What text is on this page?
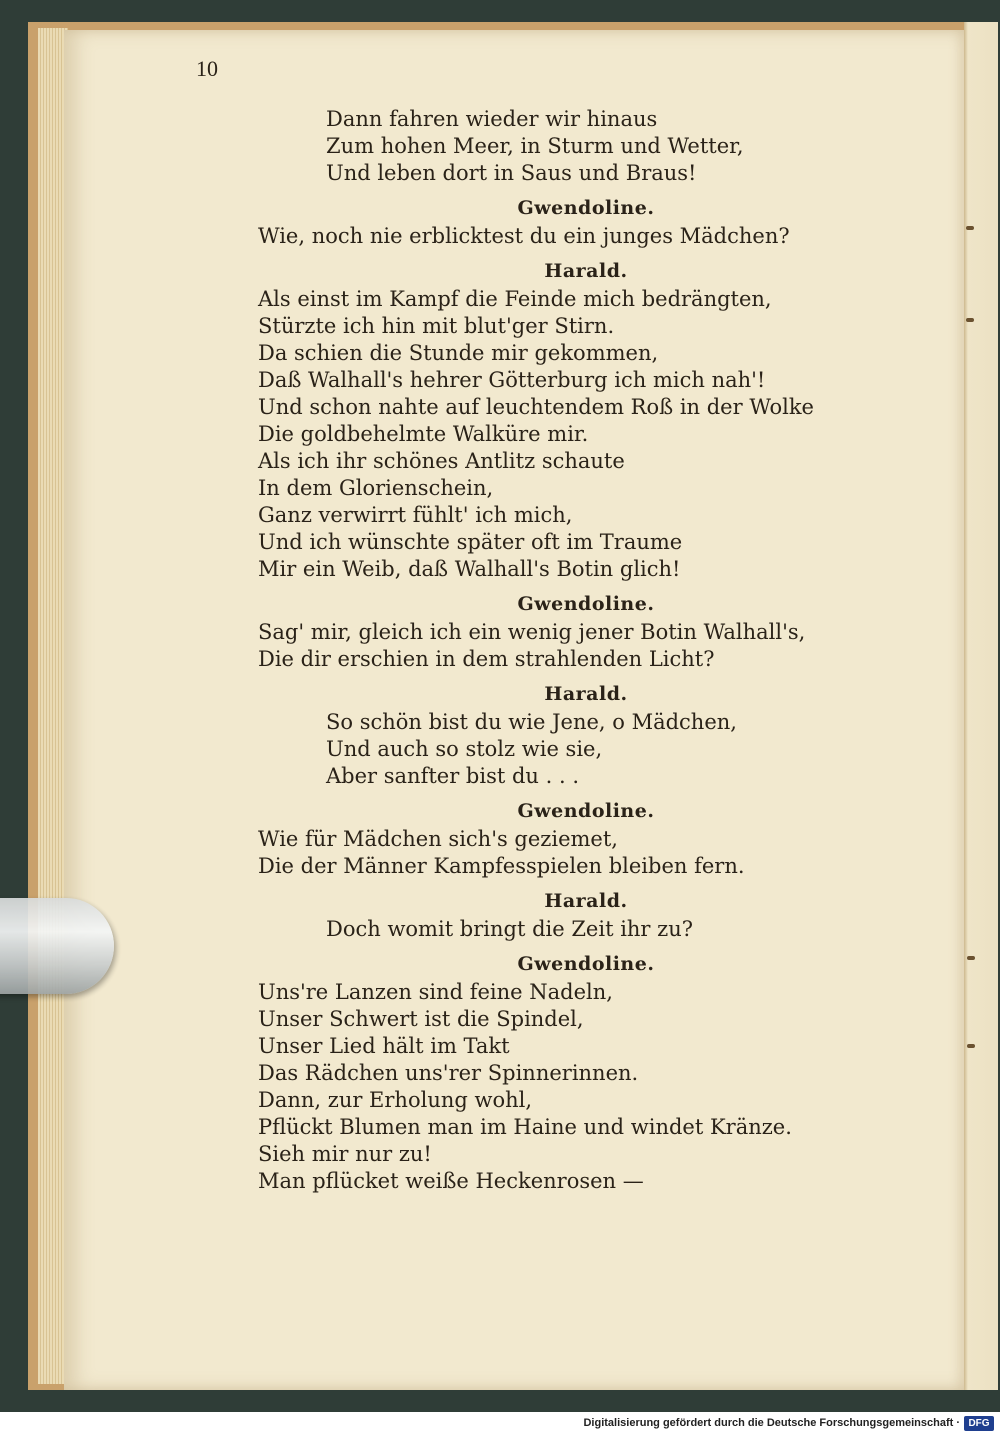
10
Dann fahren wieder wir hinaus
Zum hohen Meer, in Sturm und Wetter,
Und leben dort in Saus und Braus!
Gwendoline.
Wie, noch nie erblicktest du ein junges Mädchen?
Harald.
Als einst im Kampf die Feinde mich bedrängten,
Stürzte ich hin mit blut'ger Stirn.
Da schien die Stunde mir gekommen,
Daß Walhall's hehrer Götterburg ich mich nah'!
Und schon nahte auf leuchtendem Roß in der Wolke
Die goldbehelmte Walküre mir.
Als ich ihr schönes Antlitz schaute
In dem Glorienschein,
Ganz verwirrt fühlt' ich mich,
Und ich wünschte später oft im Traume
Mir ein Weib, daß Walhall's Botin glich!
Gwendoline.
Sag' mir, gleich ich ein wenig jener Botin Walhall's,
Die dir erschien in dem strahlenden Licht?
Harald.
So schön bist du wie Jene, o Mädchen,
Und auch so stolz wie sie,
Aber sanfter bist du . . .
Gwendoline.
Wie für Mädchen sich's geziemet,
Die der Männer Kampfesspielen bleiben fern.
Harald.
Doch womit bringt die Zeit ihr zu?
Gwendoline.
Uns're Lanzen sind feine Nadeln,
Unser Schwert ist die Spindel,
Unser Lied hält im Takt
Das Rädchen uns'rer Spinnerinnen.
Dann, zur Erholung wohl,
Pflückt Blumen man im Haine und windet Kränze.
Sieh mir nur zu!
Man pflücket weiße Heckenrosen —
Digitalisierung gefördert durch die Deutsche Forschungsgemeinschaft · DFG
